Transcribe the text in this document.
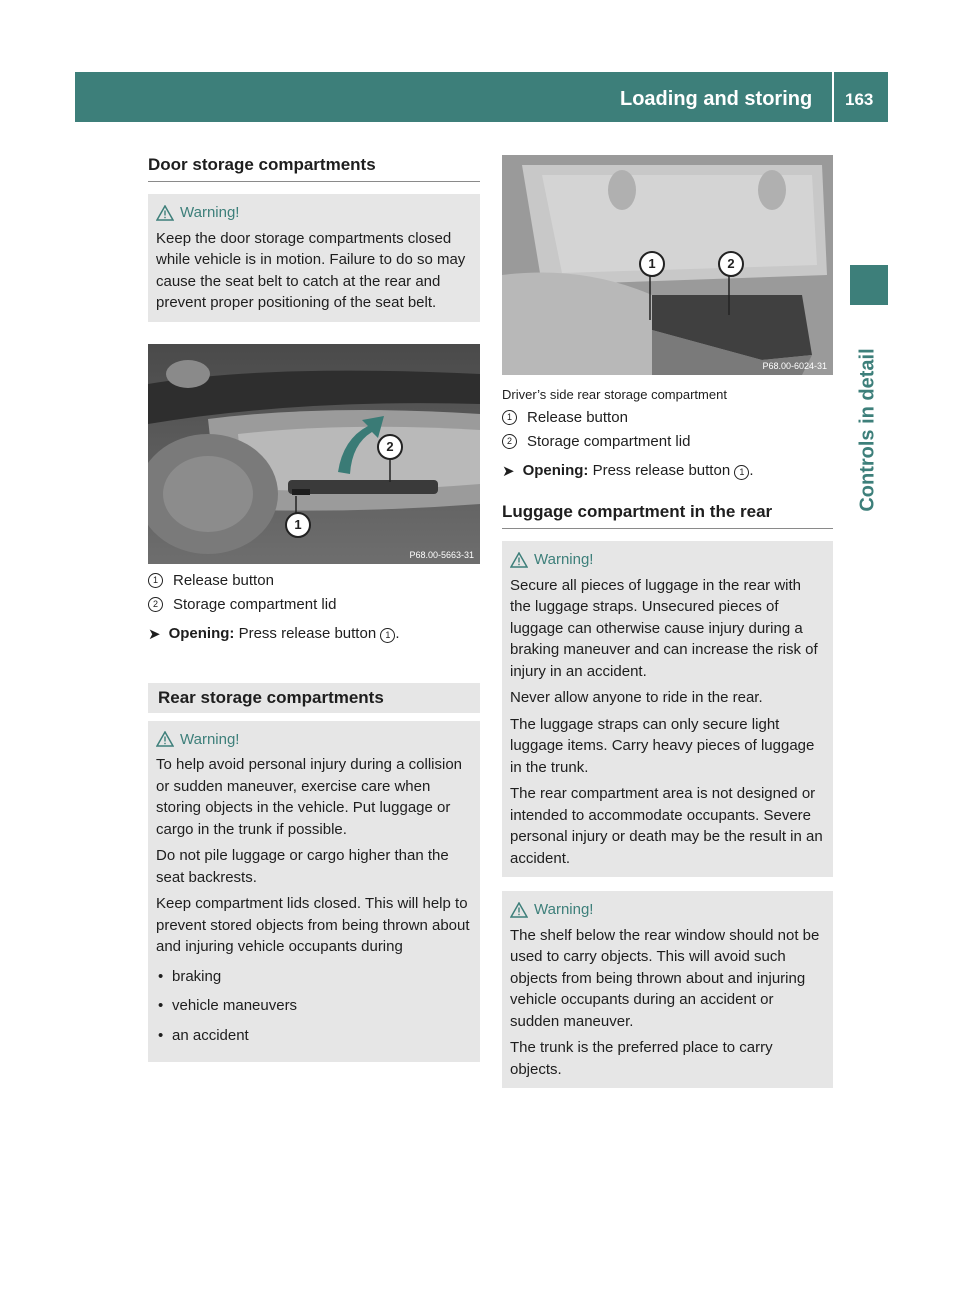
Loading and storing 163
Controls in detail
Door storage compartments
Warning!

Keep the door storage compartments closed while vehicle is in motion. Failure to do so may cause the seat belt to catch at the rear and prevent proper positioning of the seat belt.

1
2
P68.00-5663-31
1	Release button
2	Storage compartment lid
➤ Opening: Press release button 1 .
Rear storage compartments
Warning!

To help avoid personal injury during a collision or sudden maneuver, exercise care when storing objects in the vehicle. Put luggage or cargo in the trunk if possible.

Do not pile luggage or cargo higher than the seat backrests.

Keep compartment lids closed. This will help to prevent stored objects from being thrown about and injuring vehicle occupants during

• braking

• vehicle maneuvers

• an accident

1	2
P68.00-6024-31
Driver’s side rear storage compartment
1	Release button
2	Storage compartment lid
➤ Opening: Press release button 1 .
Luggage compartment in the rear
Warning!

Secure all pieces of luggage in the rear with the luggage straps. Unsecured pieces of luggage can otherwise cause injury during a braking maneuver and can increase the risk of injury in an accident.

Never allow anyone to ride in the rear.

The luggage straps can only secure light luggage items. Carry heavy pieces of luggage in the trunk.

The rear compartment area is not designed or intended to accommodate occupants. Severe personal injury or death may be the result in an accident.

Warning!

The shelf below the rear window should not be used to carry objects. This will avoid such objects from being thrown about and injuring vehicle occupants during an accident or sudden maneuver.

The trunk is the preferred place to carry objects.
